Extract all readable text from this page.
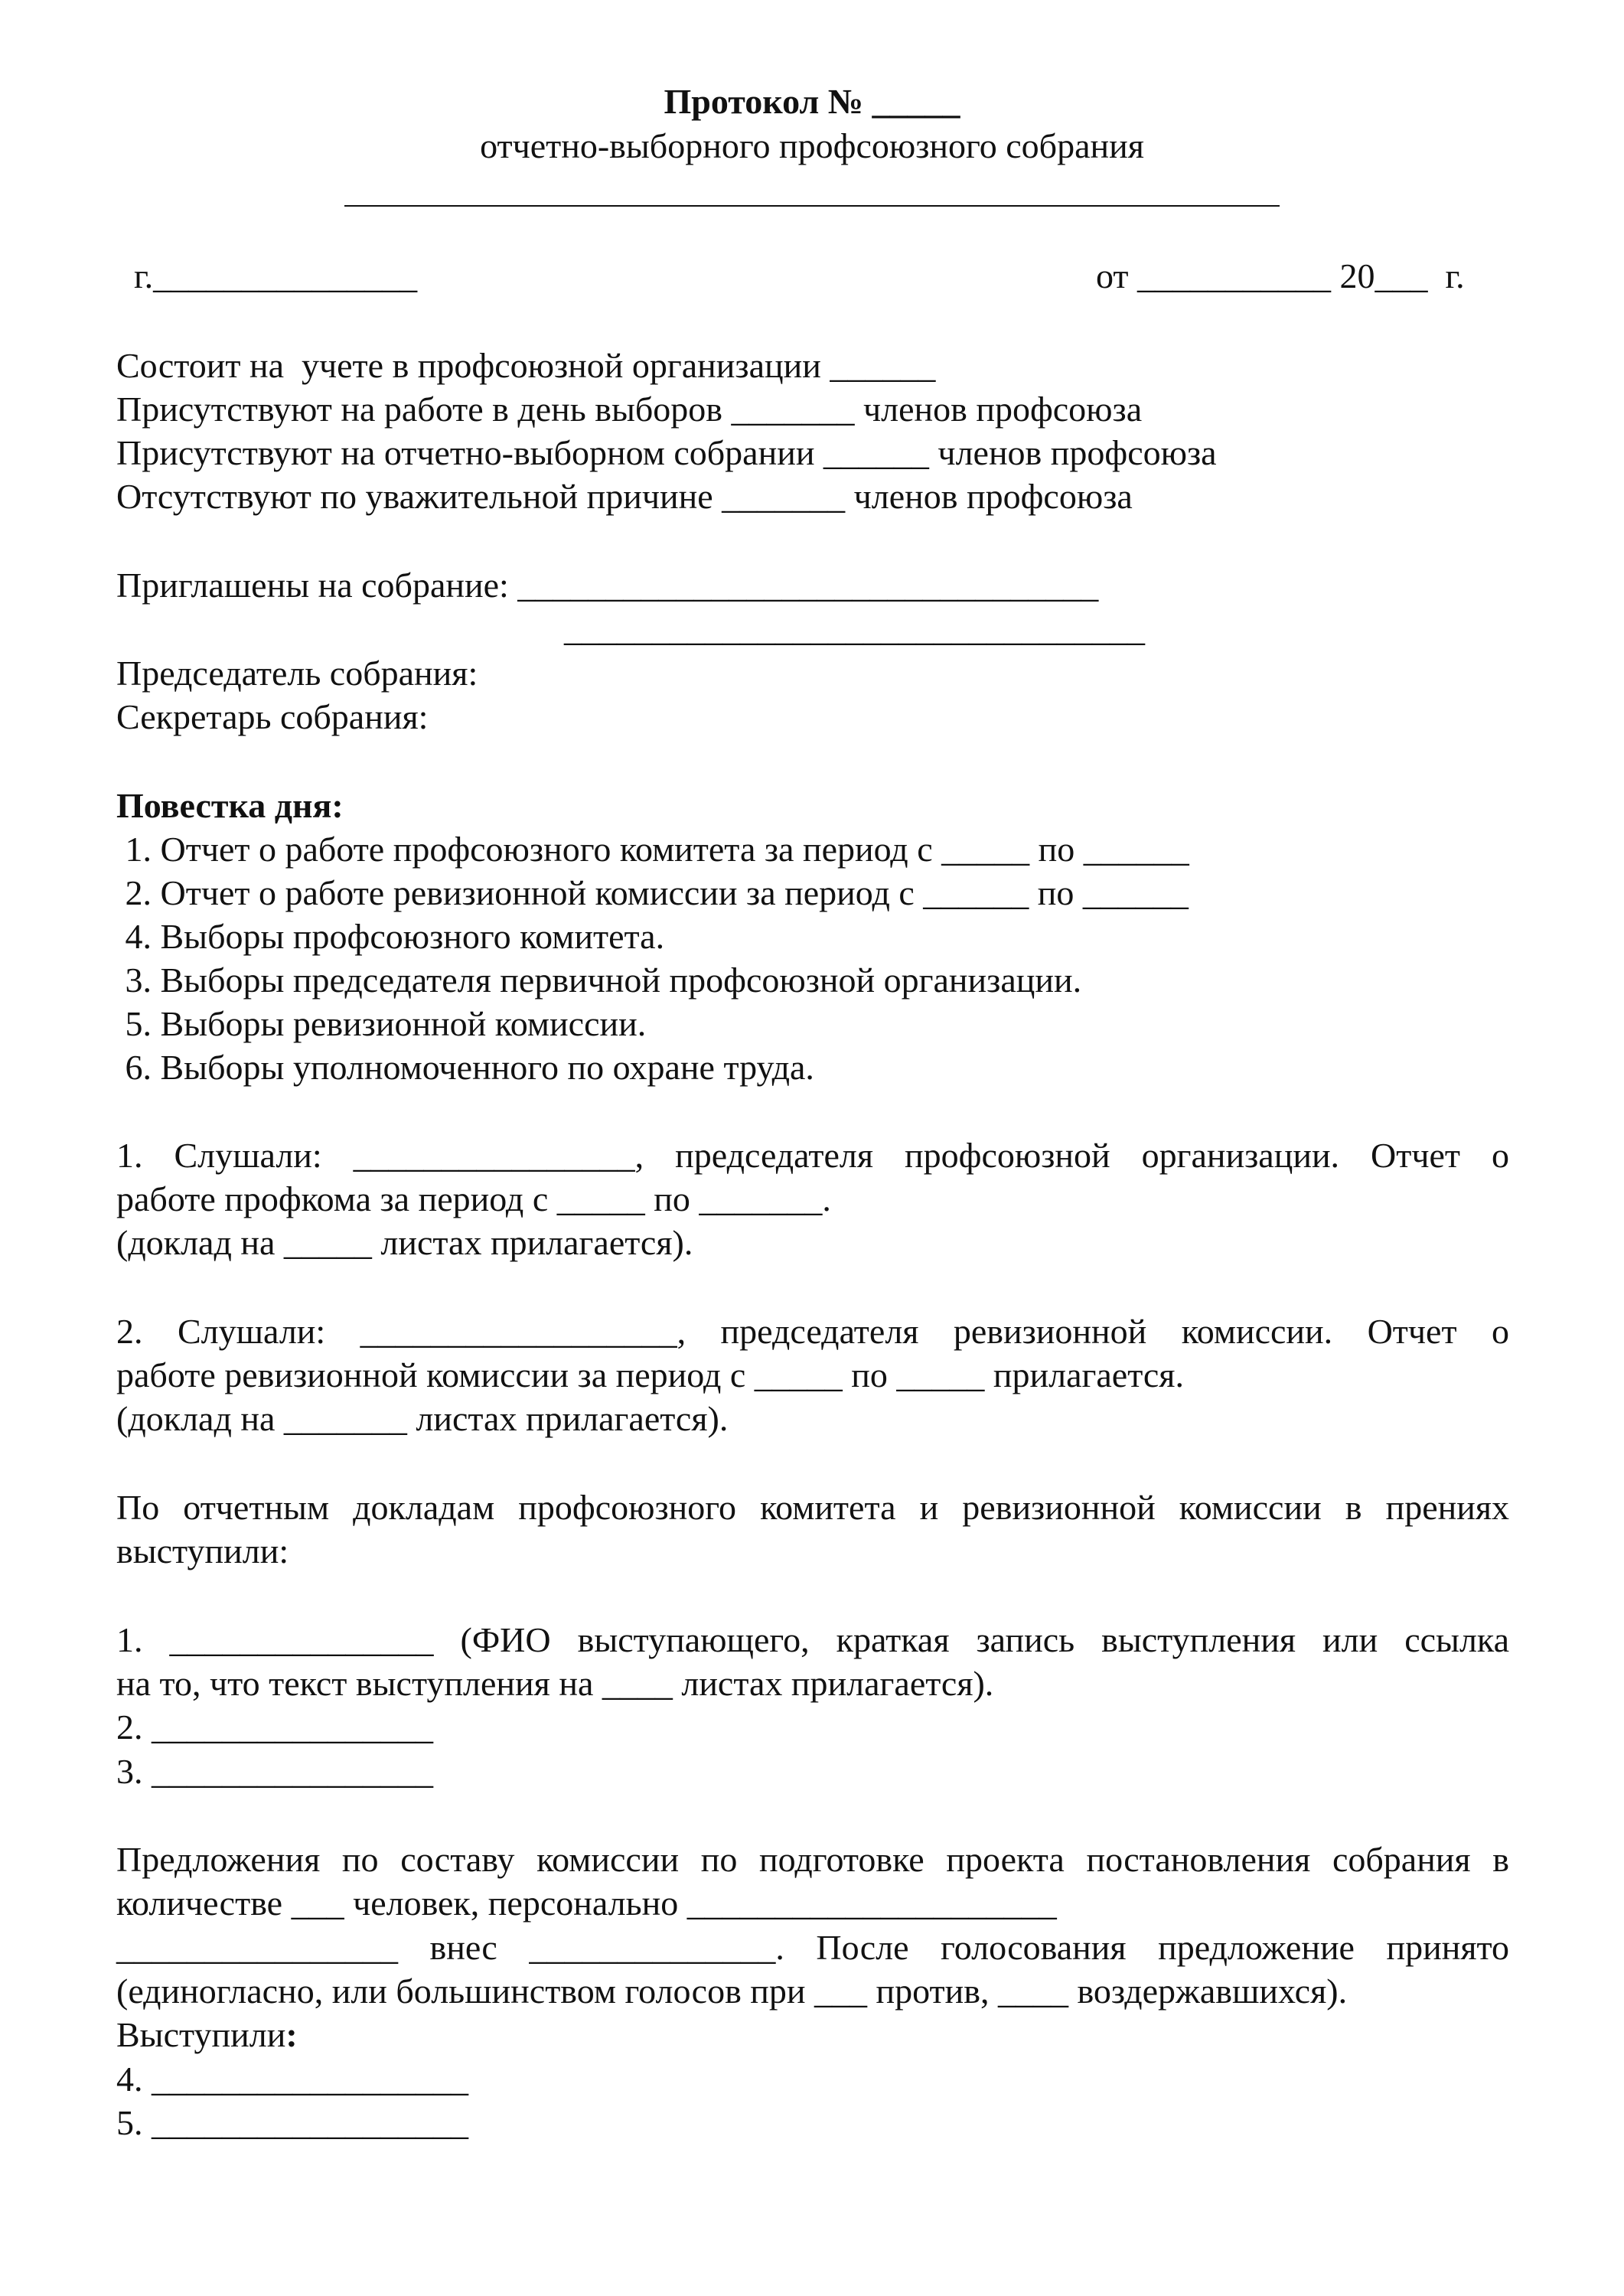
Протокол № _____

отчетно-выборного профсоюзного собрания

г._______________	от ___________ 20___  г.

Состоит на  учете в профсоюзной организации ______

Присутствуют на работе в день выборов _______ членов профсоюза

Присутствуют на отчетно-выборном собрании ______ членов профсоюза

Отсутствуют по уважительной причине _______ членов профсоюза

Приглашены на собрание: _________________________________

_________________________________

Председатель собрания:

Секретарь собрания:

Повестка дня:

1. Отчет о работе профсоюзного комитета за период с _____ по ______

2. Отчет о работе ревизионной комиссии за период с ______ по ______

4. Выборы профсоюзного комитета.

3. Выборы председателя первичной профсоюзной организации.

5. Выборы ревизионной комиссии.

6. Выборы уполномоченного по охране труда.

1. Слушали: ________________, председателя профсоюзной организации. Отчет о

работе профкома за период с _____ по _______.

(доклад на _____ листах прилагается).

2. Слушали: __________________, председателя ревизионной комиссии. Отчет о

работе ревизионной комиссии за период с _____ по _____ прилагается.

(доклад на _______ листах прилагается).

По отчетным докладам профсоюзного комитета и ревизионной комиссии в прениях

выступили:

1. _______________ (ФИО выступающего, краткая запись выступления или ссылка

на то, что текст выступления на ____ листах прилагается).

2. ________________

3. ________________

Предложения по составу комиссии по подготовке проекта постановления собрания в

количестве ___ человек, персонально _____________________

________________ внес ______________. После голосования предложение принято

(единогласно, или большинством голосов при ___ против, ____ воздержавшихся).

Выступили:

4. __________________

5. __________________
